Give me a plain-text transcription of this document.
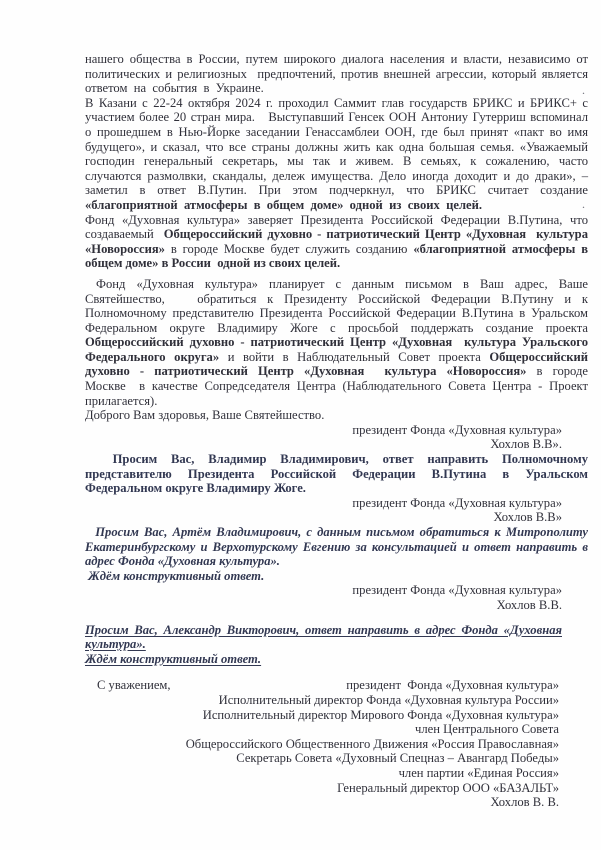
нашего общества в России, путем широкого диалога населения и власти, независимо от
политических и религиозных  предпочтений, против внешней агрессии, который является
ответом  на  события  в  Украине.
В Казани с 22-24 октября 2024 г. проходил Саммит глав государств БРИКС и БРИКС+ с
участием более 20 стран мира.   Выступавший Генсек ООН Антониу Гутерриш вспоминал
о прошедшем в Нью-Йорке заседании Генассамблеи ООН, где был принят «пакт во имя
будущего», и сказал, что все страны должны жить как одна большая семья. «Уважаемый
господин генеральный секретарь, мы так и живем. В семьях, к сожалению, часто
случаются размолвки, скандалы, дележ имущества. Дело иногда доходит и до драки», –
заметил в ответ В.Путин. При этом подчеркнул, что БРИКС считает создание
«благоприятной  атмосферы  в  общем  доме»  одной  из  своих  целей.
Фонд «Духовная культура» заверяет Президента Российской Федерации В.Путина, что
создаваемый  Общероссийский духовно - патриотический Центр «Духовная  культура
«Новороссия» в городе Москве будет служить созданию «благоприятной атмосферы в
общем доме» в России  одной из своих целей.
Фонд «Духовная культура» планирует с данным письмом в Ваш адрес, Ваше
Святейшество,   обратиться к Президенту Российской Федерации В.Путину и к
Полномочному представителю Президента Российской Федерации В.Путина в Уральском
Федеральном округе Владимиру Жоге с просьбой поддержать создание проекта
Общероссийский духовно - патриотический Центр «Духовная  культура Уральского
Федерального округа» и войти в Наблюдательный Совет проекта Общероссийский
духовно - патриотический Центр «Духовная  культура «Новороссия» в городе
Москве  в качестве Сопредседателя Центра (Наблюдательного Совета Центра - Проект
прилагается).
Доброго Вам здоровья, Ваше Святейшество.
президент Фонда «Духовная культура»
Хохлов В.В».
Просим Вас, Владимир Владимирович, ответ направить Полномочному
представителю Президента Российской Федерации В.Путина в Уральском
Федеральном округе Владимиру Жоге.
президент Фонда «Духовная культура»
Хохлов В.В»
Просим Вас, Артём Владимирович, с данным письмом обратиться к Митрополиту
Екатеринбургскому и Верхотурскому Евгению за консультацией и ответ направить в
адрес Фонда «Духовная культура».
Ждём конструктивный ответ.
президент Фонда «Духовная культура»
Хохлов В.В.
Просим Вас, Александр Викторович, ответ направить в адрес Фонда «Духовная
культура».
Ждём конструктивный ответ.
С уважением,	президент  Фонда «Духовная культура»
Исполнительный директор Фонда «Духовная культура России»
Исполнительный директор Мирового Фонда «Духовная культура»
член Центрального Совета
Общероссийского Общественного Движения «Россия Православная»
Секретарь Совета «Духовный Спецназ – Авангард Победы»
член партии «Единая Россия»
Генеральный директор ООО «БАЗАЛЬТ»
Хохлов В. В.
.
.
